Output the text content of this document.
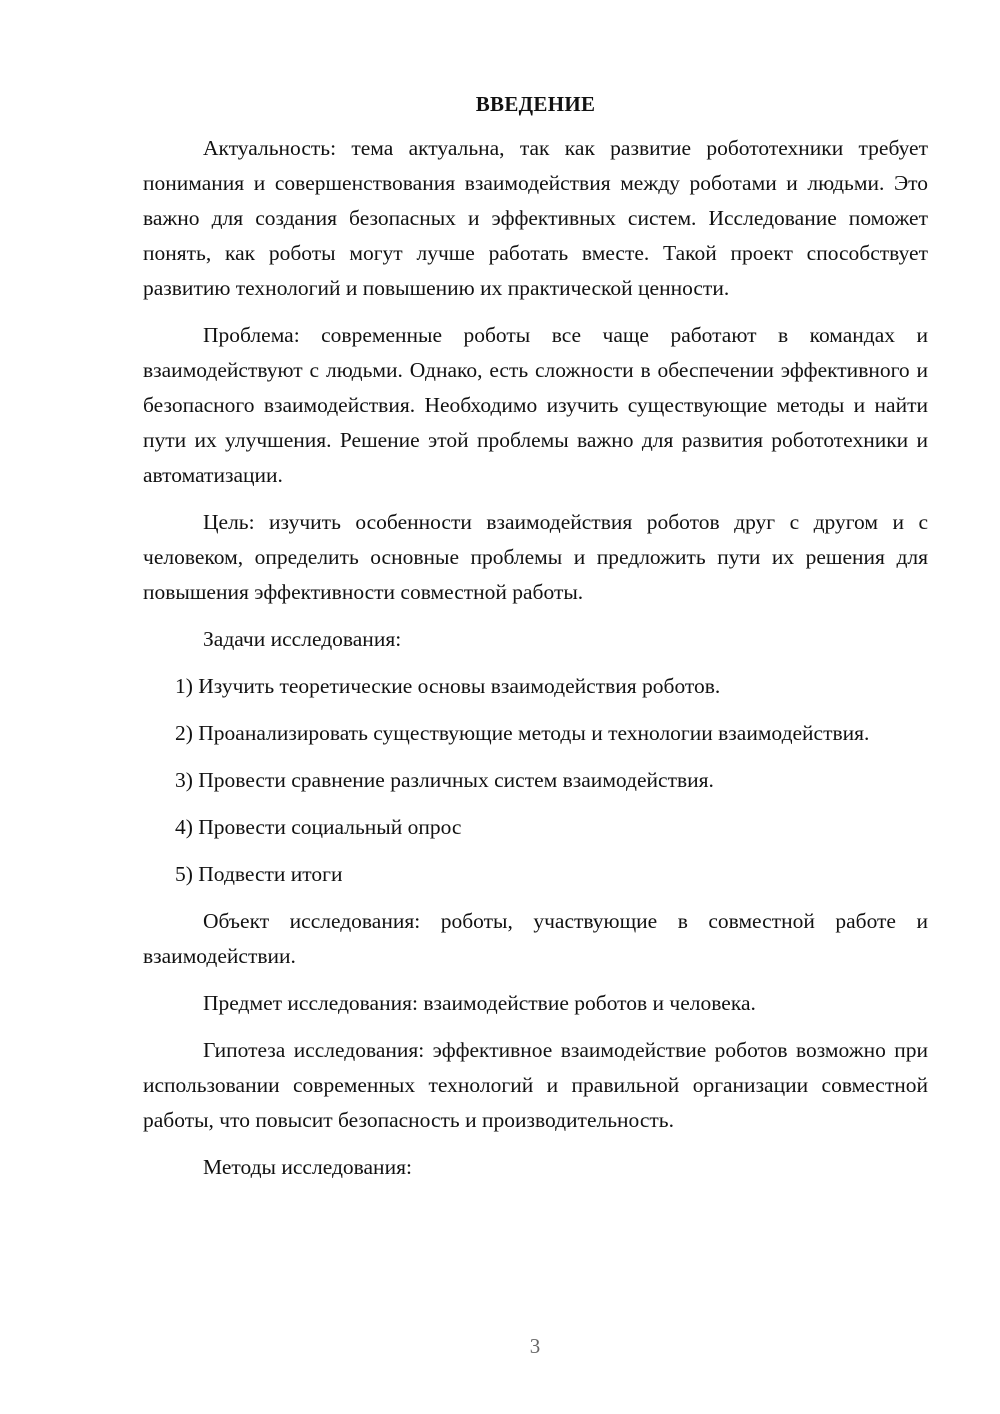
ВВЕДЕНИЕ

Актуальность: тема актуальна, так как развитие робототехники требует понимания и совершенствования взаимодействия между роботами и людьми. Это важно для создания безопасных и эффективных систем. Исследование поможет понять, как роботы могут лучше работать вместе. Такой проект способствует развитию технологий и повышению их практической ценности.

Проблема: современные роботы все чаще работают в командах и взаимодействуют с людьми. Однако, есть сложности в обеспечении эффективного и безопасного взаимодействия. Необходимо изучить существующие методы и найти пути их улучшения. Решение этой проблемы важно для развития робототехники и автоматизации.

Цель: изучить особенности взаимодействия роботов друг с другом и с человеком, определить основные проблемы и предложить пути их решения для повышения эффективности совместной работы.

Задачи исследования:

1) Изучить теоретические основы взаимодействия роботов.

2) Проанализировать существующие методы и технологии взаимодействия.

3) Провести сравнение различных систем взаимодействия.

4) Провести социальный опрос

5) Подвести итоги

Объект исследования: роботы, участвующие в совместной работе и взаимодействии.

Предмет исследования: взаимодействие роботов и человека.

Гипотеза исследования: эффективное взаимодействие роботов возможно при использовании современных технологий и правильной организации совместной работы, что повысит безопасность и производительность.

Методы исследования:

3
